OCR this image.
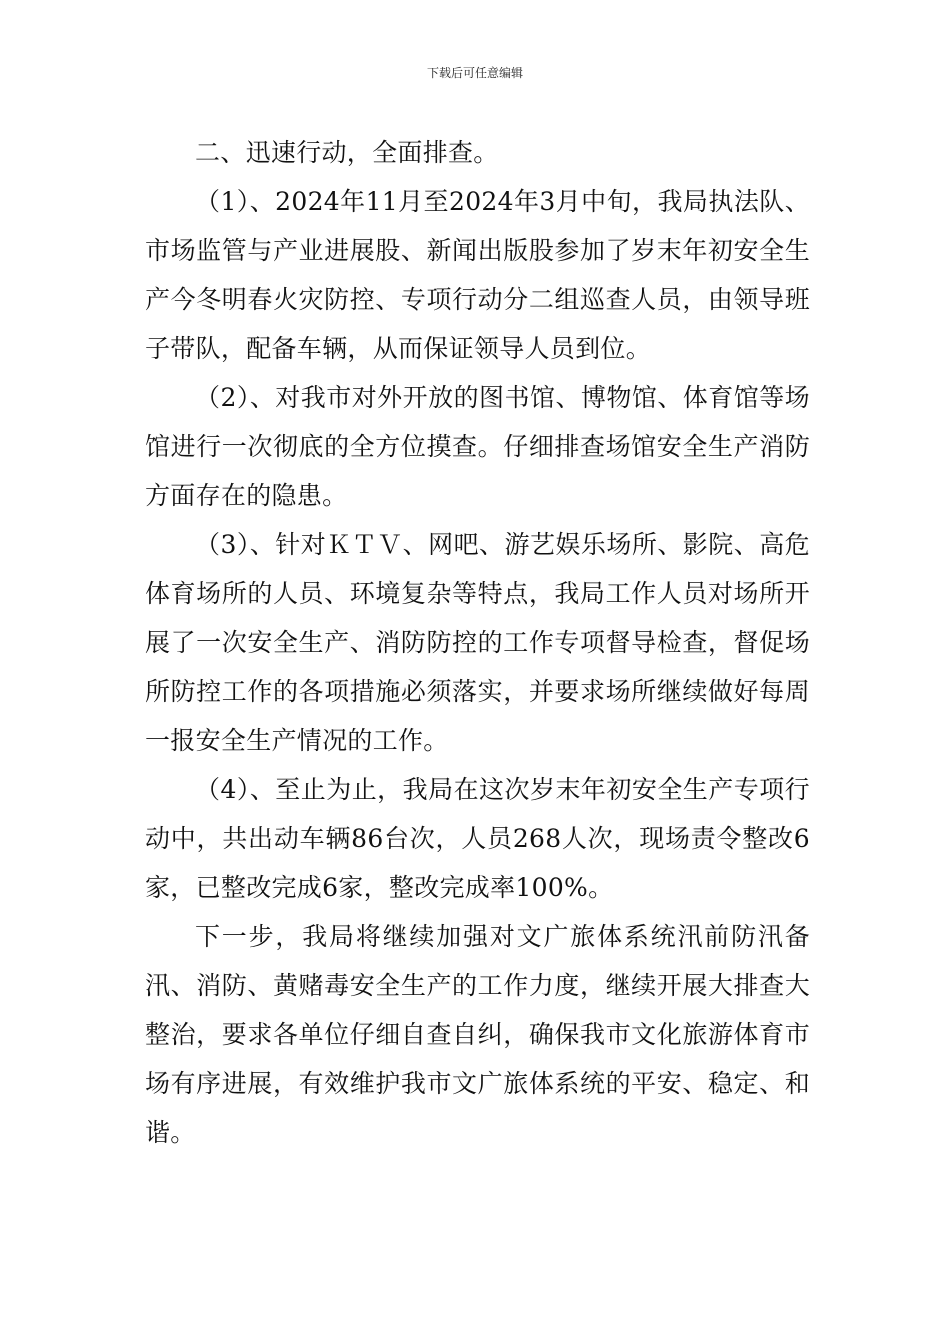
下载后可任意编辑

二、迅速行动，全面排查。

（1）、2024年11月至2024年3月中旬，我局执法队、市场监管与产业进展股、新闻出版股参加了岁末年初安全生产今冬明春火灾防控、专项行动分二组巡查人员，由领导班子带队，配备车辆，从而保证领导人员到位。

（2）、对我市对外开放的图书馆、博物馆、体育馆等场馆进行一次彻底的全方位摸查。仔细排查场馆安全生产消防方面存在的隐患。

（3）、针对ＫＴＶ、网吧、游艺娱乐场所、影院、高危体育场所的人员、环境复杂等特点，我局工作人员对场所开展了一次安全生产、消防防控的工作专项督导检查，督促场所防控工作的各项措施必须落实，并要求场所继续做好每周一报安全生产情况的工作。

（4）、至止为止，我局在这次岁末年初安全生产专项行动中，共出动车辆86台次，人员268人次，现场责令整改6家，已整改完成6家，整改完成率100%。

下一步，我局将继续加强对文广旅体系统汛前防汛备汛、消防、黄赌毒安全生产的工作力度，继续开展大排查大整治，要求各单位仔细自查自纠，确保我市文化旅游体育市场有序进展，有效维护我市文广旅体系统的平安、稳定、和谐。
